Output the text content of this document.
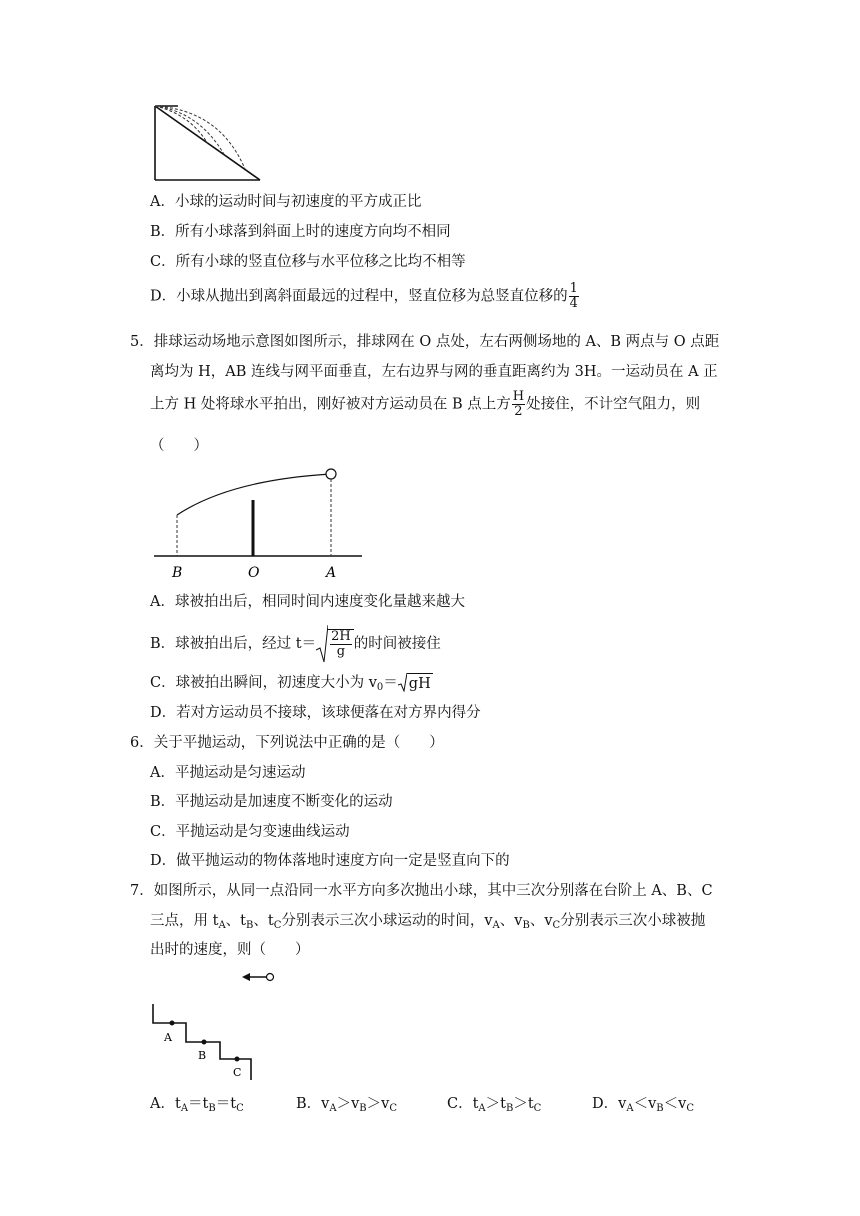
A．小球的运动时间与初速度的平方成正比
B．所有小球落到斜面上时的速度方向均不相同
C．所有小球的竖直位移与水平位移之比均不相等
D．小球从抛出到离斜面最远的过程中，竖直位移为总竖直位移的 $\frac{1}{4}$
5．排球运动场地示意图如图所示，排球网在 O 点处，左右两侧场地的 A、B 两点与 O 点距
离均为 H，AB 连线与网平面垂直，左右边界与网的垂直距离约为 3H。一运动员在 A 正
上方 H 处将球水平拍出，刚好被对方运动员在 B 点上方 $\frac{H}{2}$ 处接住，不计空气阻力，则
（　　）
B	O	A
A．球被拍出后，相同时间内速度变化量越来越大
B．球被拍出后，经过 $t= \frac{2H}{g}$ 的时间被接住
C．球被拍出瞬间，初速度大小为 $v_0=$ gH
D．若对方运动员不接球，该球便落在对方界内得分
6．关于平抛运动，下列说法中正确的是（　　）
A．平抛运动是匀速运动
B．平抛运动是加速度不断变化的运动
C．平抛运动是匀变速曲线运动
D．做平抛运动的物体落地时速度方向一定是竖直向下的
7．如图所示，从同一点沿同一水平方向多次抛出小球，其中三次分别落在台阶上 A、B、C
三点，用 $t_A$、$t_B$、$t_C$分别表示三次小球运动的时间，$v_A$、$v_B$、$v_C$分别表示三次小球被抛
出时的速度，则（　　）
A
B
C
A．$t_A=t_B=t_C$	B．$v_A>v_B>v_C$	C．$t_A>t_B>t_C$	D．$v_A<v_B<v_C$
